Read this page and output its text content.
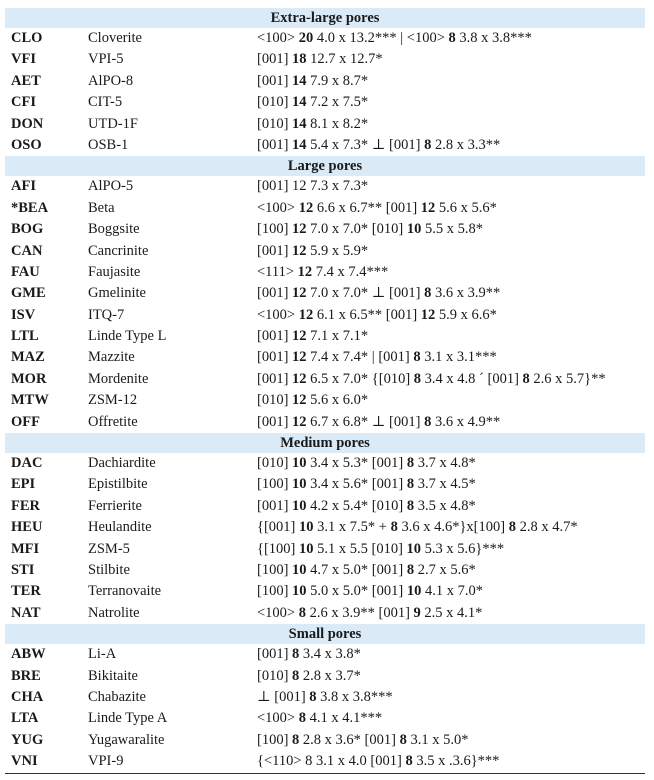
Extra-large pores
CLO	Cloverite	<100> 20 4.0 x 13.2*** | <100> 8 3.8 x 3.8***
VFI	VPI-5	[001] 18 12.7 x 12.7*
AET	AlPO-8	[001] 14 7.9 x 8.7*
CFI	CIT-5	[010] 14 7.2 x 7.5*
DON	UTD-1F	[010] 14 8.1 x 8.2*
OSO	OSB-1	[001] 14 5.4 x 7.3* ⊥ [001] 8 2.8 x 3.3**
Large pores
AFI	AlPO-5	[001] 12 7.3 x 7.3*
*BEA	Beta	<100> 12 6.6 x 6.7** [001] 12 5.6 x 5.6*
BOG	Boggsite	[100] 12 7.0 x 7.0* [010] 10 5.5 x 5.8*
CAN	Cancrinite	[001] 12 5.9 x 5.9*
FAU	Faujasite	<111> 12 7.4 x 7.4***
GME	Gmelinite	[001] 12 7.0 x 7.0* ⊥ [001] 8 3.6 x 3.9**
ISV	ITQ-7	<100> 12 6.1 x 6.5** [001] 12 5.9 x 6.6*
LTL	Linde Type L	[001] 12 7.1 x 7.1*
MAZ	Mazzite	[001] 12 7.4 x 7.4* | [001] 8 3.1 x 3.1***
MOR	Mordenite	[001] 12 6.5 x 7.0* {[010] 8 3.4 x 4.8 ´ [001] 8 2.6 x 5.7}**
MTW	ZSM-12	[010] 12 5.6 x 6.0*
OFF	Offretite	[001] 12 6.7 x 6.8* ⊥ [001] 8 3.6 x 4.9**
Medium pores
DAC	Dachiardite	[010] 10 3.4 x 5.3* [001] 8 3.7 x 4.8*
EPI	Epistilbite	[100] 10 3.4 x 5.6* [001] 8 3.7 x 4.5*
FER	Ferrierite	[001] 10 4.2 x 5.4* [010] 8 3.5 x 4.8*
HEU	Heulandite	{[001] 10 3.1 x 7.5* + 8 3.6 x 4.6*}x[100] 8 2.8 x 4.7*
MFI	ZSM-5	{[100] 10 5.1 x 5.5 [010] 10 5.3 x 5.6}***
STI	Stilbite	[100] 10 4.7 x 5.0* [001] 8 2.7 x 5.6*
TER	Terranovaite	[100] 10 5.0 x 5.0* [001] 10 4.1 x 7.0*
NAT	Natrolite	<100> 8 2.6 x 3.9** [001] 9 2.5 x 4.1*
Small pores
ABW	Li-A	[001] 8 3.4 x 3.8*
BRE	Bikitaite	[010] 8 2.8 x 3.7*
CHA	Chabazite	⊥ [001] 8 3.8 x 3.8***
LTA	Linde Type A	<100> 8 4.1 x 4.1***
YUG	Yugawaralite	[100] 8 2.8 x 3.6* [001] 8 3.1 x 5.0*
VNI	VPI-9	{<110> 8 3.1 x 4.0 [001] 8 3.5 x .3.6}***
